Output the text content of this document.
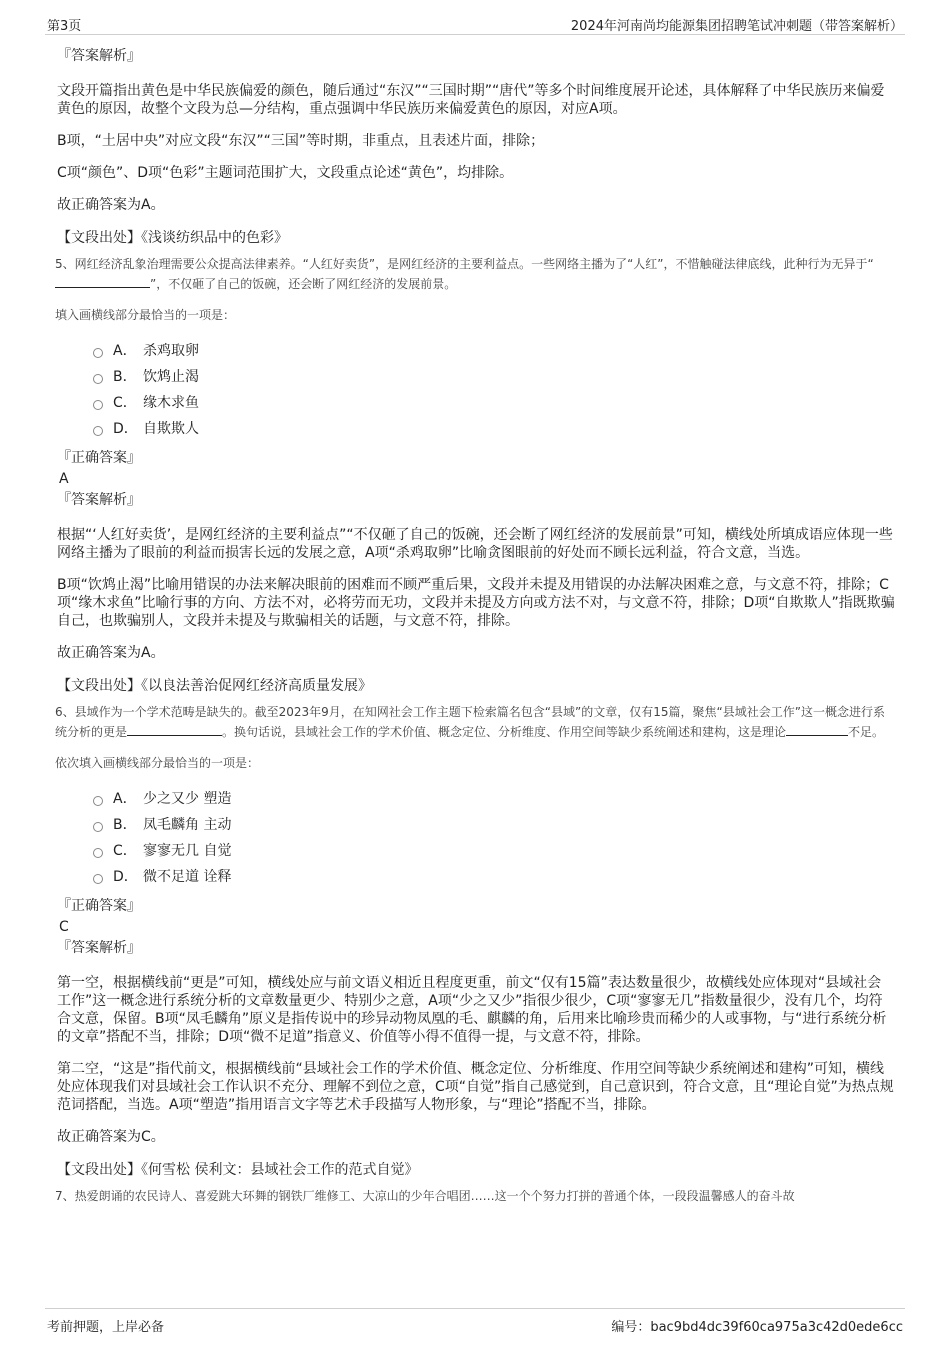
第3页	2024年河南尚均能源集团招聘笔试冲刺题（带答案解析）
『答案解析』

文段开篇指出黄色是中华民族偏爱的颜色，随后通过“东汉”“三国时期”“唐代”等多个时间维度展开论述，具体解释了中华民族历来偏爱黄色的原因，故整个文段为总—分结构，重点强调中华民族历来偏爱黄色的原因，对应A项。

B项，“土居中央”对应文段“东汉”“三国”等时期，非重点，且表述片面，排除；

C项“颜色”、D项“色彩”主题词范围扩大，文段重点论述“黄色”，均排除。

故正确答案为A。

【文段出处】《浅谈纺织品中的色彩》

5、网红经济乱象治理需要公众提高法律素养。“人红好卖货”，是网红经济的主要利益点。一些网络主播为了“人红”，不惜触碰法律底线，此种行为无异于“”，不仅砸了自己的饭碗，还会断了网红经济的发展前景。
填入画横线部分最恰当的一项是：
A． 杀鸡取卵
B． 饮鸩止渴
C． 缘木求鱼
D． 自欺欺人
『正确答案』
A
『答案解析』

根据“‘人红好卖货’，是网红经济的主要利益点”“不仅砸了自己的饭碗，还会断了网红经济的发展前景”可知，横线处所填成语应体现一些网络主播为了眼前的利益而损害长远的发展之意，A项“杀鸡取卵”比喻贪图眼前的好处而不顾长远利益，符合文意，当选。

B项“饮鸩止渴”比喻用错误的办法来解决眼前的困难而不顾严重后果，文段并未提及用错误的办法解决困难之意，与文意不符，排除；C项“缘木求鱼”比喻行事的方向、方法不对，必将劳而无功，文段并未提及方向或方法不对，与文意不符，排除；D项“自欺欺人”指既欺骗自己，也欺骗别人，文段并未提及与欺骗相关的话题，与文意不符，排除。

故正确答案为A。

【文段出处】《以良法善治促网红经济高质量发展》

6、县域作为一个学术范畴是缺失的。截至2023年9月，在知网社会工作主题下检索篇名包含“县域”的文章，仅有15篇，聚焦“县域社会工作”这一概念进行系统分析的更是	。换句话说，县域社会工作的学术价值、概念定位、分析维度、作用空间等缺少系统阐述和建构，这是理论	不足。
依次填入画横线部分最恰当的一项是：
A． 少之又少 塑造
B． 凤毛麟角 主动
C． 寥寥无几 自觉
D． 微不足道 诠释
『正确答案』
C
『答案解析』

第一空，根据横线前“更是”可知，横线处应与前文语义相近且程度更重，前文“仅有15篇”表达数量很少，故横线处应体现对“县域社会工作”这一概念进行系统分析的文章数量更少、特别少之意，A项“少之又少”指很少很少，C项“寥寥无几”指数量很少，没有几个，均符合文意，保留。B项“凤毛麟角”原义是指传说中的珍异动物凤凰的毛、麒麟的角，后用来比喻珍贵而稀少的人或事物，与“进行系统分析的文章”搭配不当，排除；D项“微不足道”指意义、价值等小得不值得一提，与文意不符，排除。

第二空，“这是”指代前文，根据横线前“县域社会工作的学术价值、概念定位、分析维度、作用空间等缺少系统阐述和建构”可知，横线处应体现我们对县域社会工作认识不充分、理解不到位之意，C项“自觉”指自己感觉到，自己意识到，符合文意，且“理论自觉”为热点规范词搭配，当选。A项“塑造”指用语言文字等艺术手段描写人物形象，与“理论”搭配不当，排除。

故正确答案为C。

【文段出处】《何雪松 侯利文：县域社会工作的范式自觉》

7、热爱朗诵的农民诗人、喜爱跳大环舞的钢铁厂维修工、大凉山的少年合唱团……这一个个努力打拼的普通个体，一段段温馨感人的奋斗故
考前押题，上岸必备	编号：bac9bd4dc39f60ca975a3c42d0ede6cc
